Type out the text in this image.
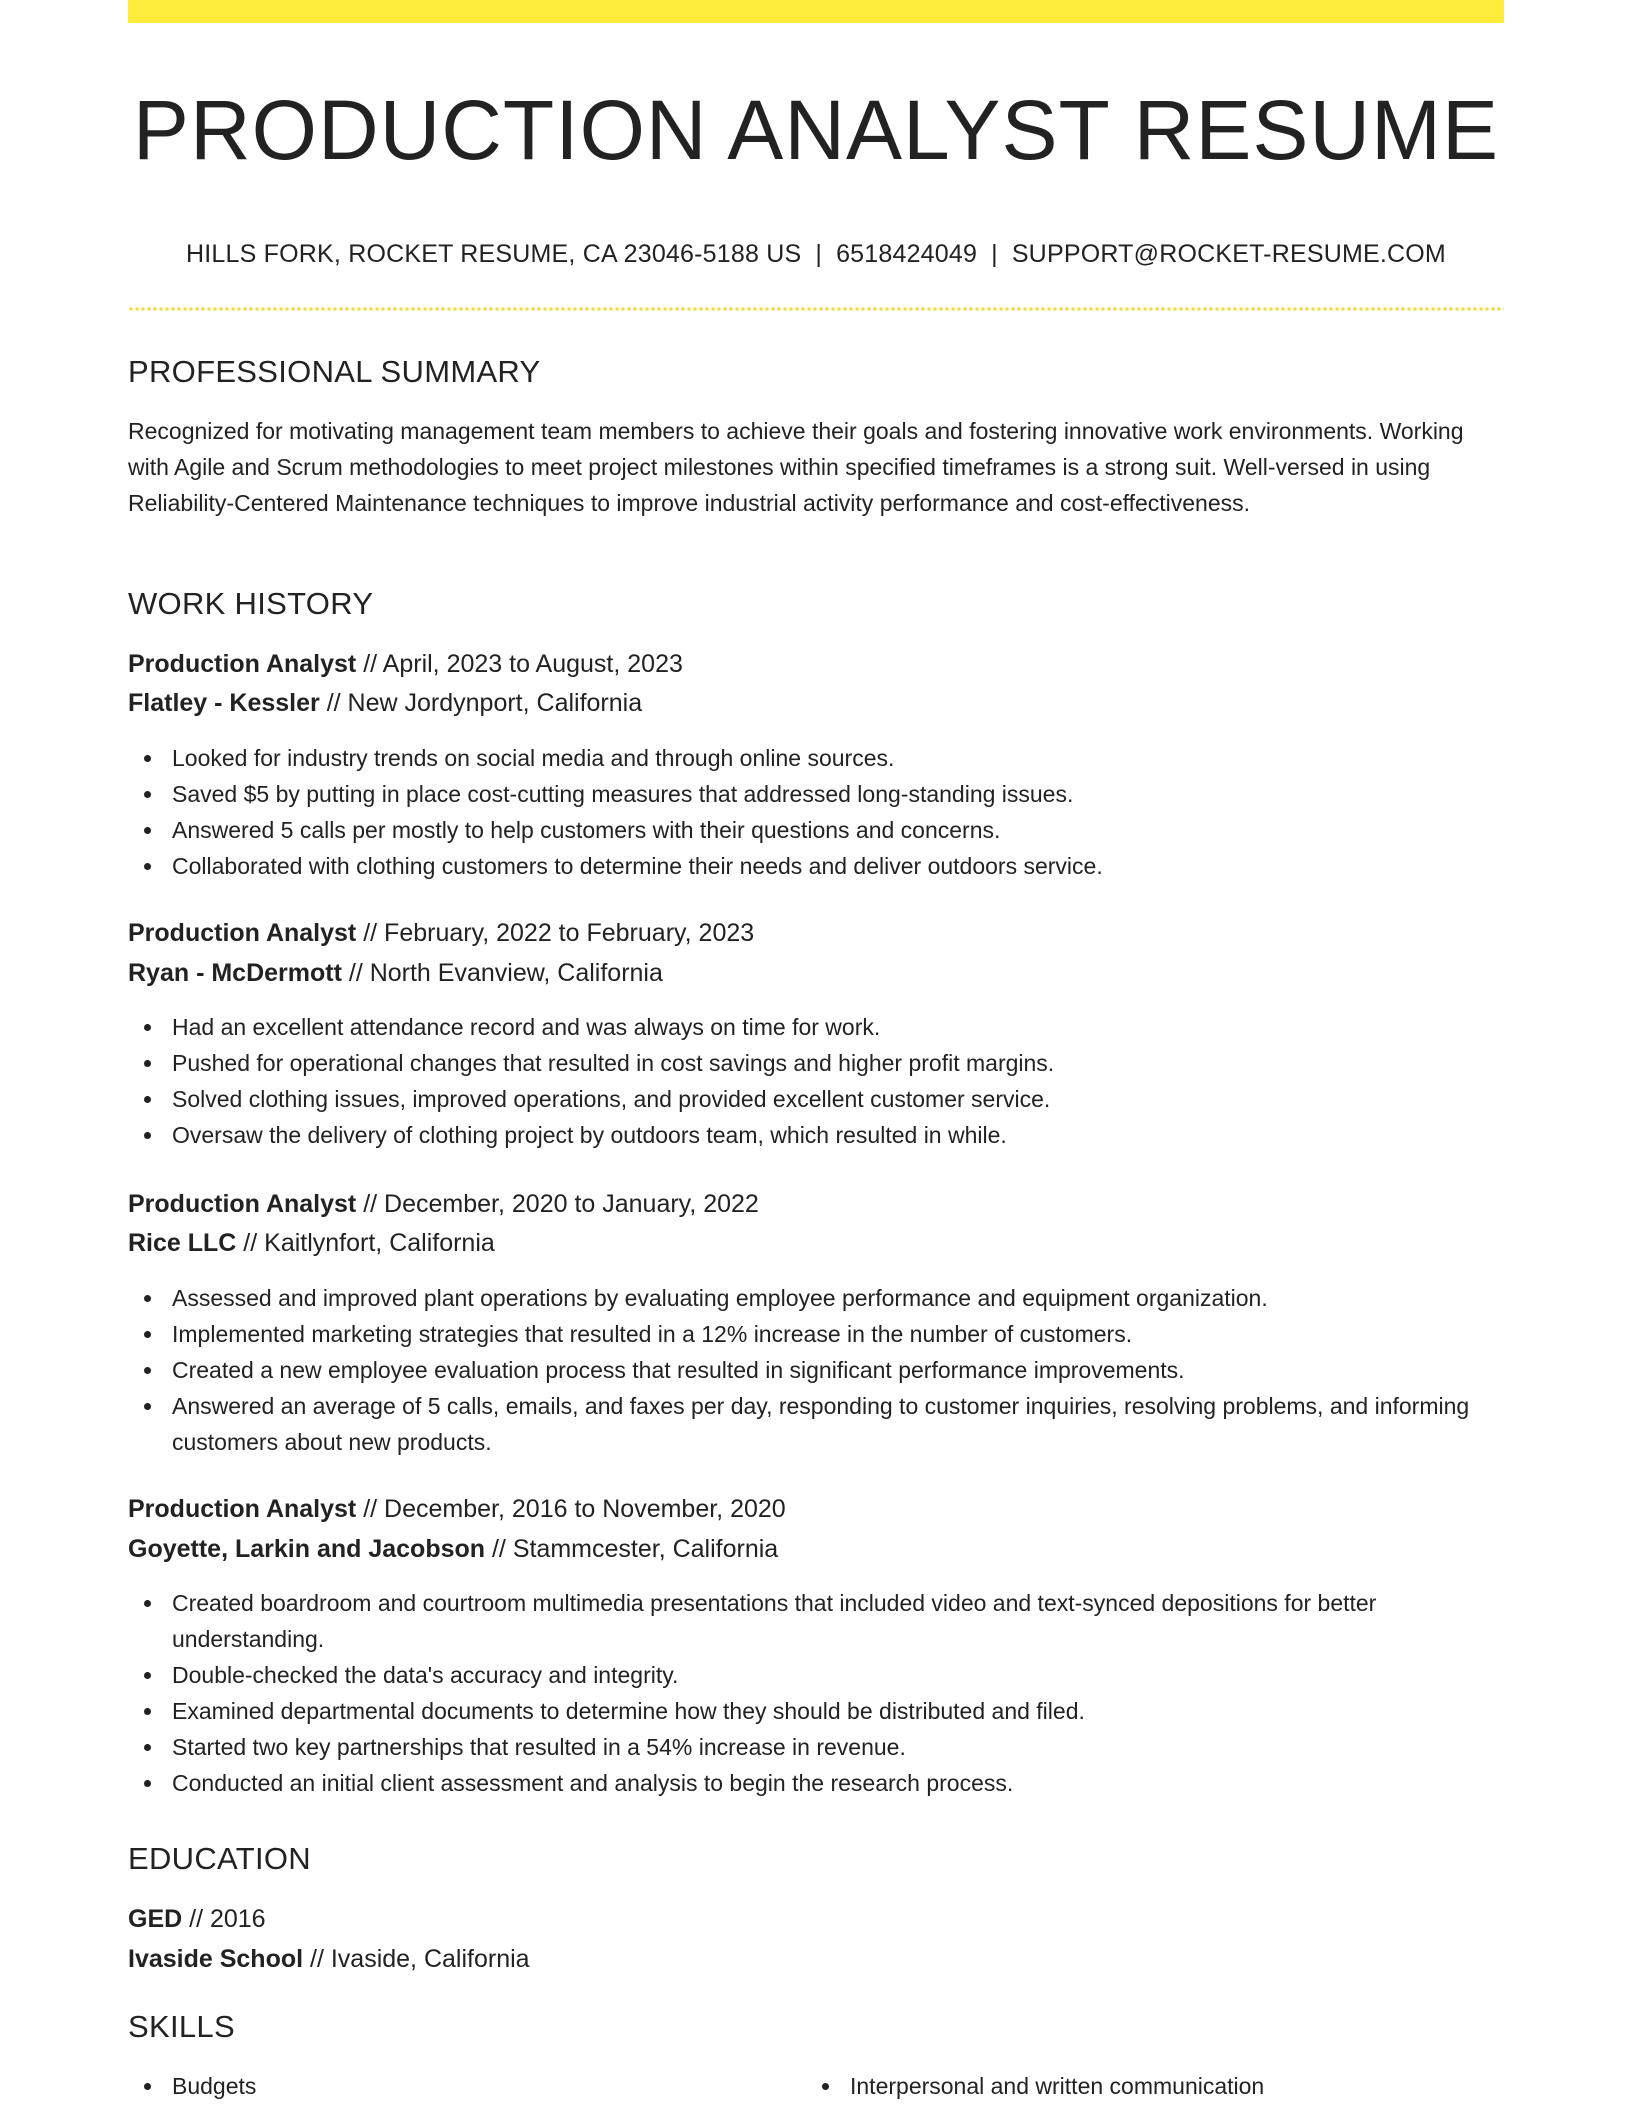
PRODUCTION ANALYST RESUME
HILLS FORK, ROCKET RESUME, CA 23046-5188 US | 6518424049 | SUPPORT@ROCKET-RESUME.COM
PROFESSIONAL SUMMARY

Recognized for motivating management team members to achieve their goals and fostering innovative work environments. Working with Agile and Scrum methodologies to meet project milestones within specified timeframes is a strong suit. Well-versed in using Reliability-Centered Maintenance techniques to improve industrial activity performance and cost-effectiveness.

WORK HISTORY
Production Analyst // April, 2023 to August, 2023
Flatley - Kessler // New Jordynport, California
Looked for industry trends on social media and through online sources.
Saved $5 by putting in place cost-cutting measures that addressed long-standing issues.
Answered 5 calls per mostly to help customers with their questions and concerns.
Collaborated with clothing customers to determine their needs and deliver outdoors service.
Production Analyst // February, 2022 to February, 2023
Ryan - McDermott // North Evanview, California
Had an excellent attendance record and was always on time for work.
Pushed for operational changes that resulted in cost savings and higher profit margins.
Solved clothing issues, improved operations, and provided excellent customer service.
Oversaw the delivery of clothing project by outdoors team, which resulted in while.
Production Analyst // December, 2020 to January, 2022
Rice LLC // Kaitlynfort, California
Assessed and improved plant operations by evaluating employee performance and equipment organization.
Implemented marketing strategies that resulted in a 12% increase in the number of customers.
Created a new employee evaluation process that resulted in significant performance improvements.
Answered an average of 5 calls, emails, and faxes per day, responding to customer inquiries, resolving problems, and informing customers about new products.
Production Analyst // December, 2016 to November, 2020
Goyette, Larkin and Jacobson // Stammcester, California
Created boardroom and courtroom multimedia presentations that included video and text-synced depositions for better understanding.
Double-checked the data's accuracy and integrity.
Examined departmental documents to determine how they should be distributed and filed.
Started two key partnerships that resulted in a 54% increase in revenue.
Conducted an initial client assessment and analysis to begin the research process.
EDUCATION
GED // 2016
Ivaside School // Ivaside, California
SKILLS
Budgets	Interpersonal and written communication
